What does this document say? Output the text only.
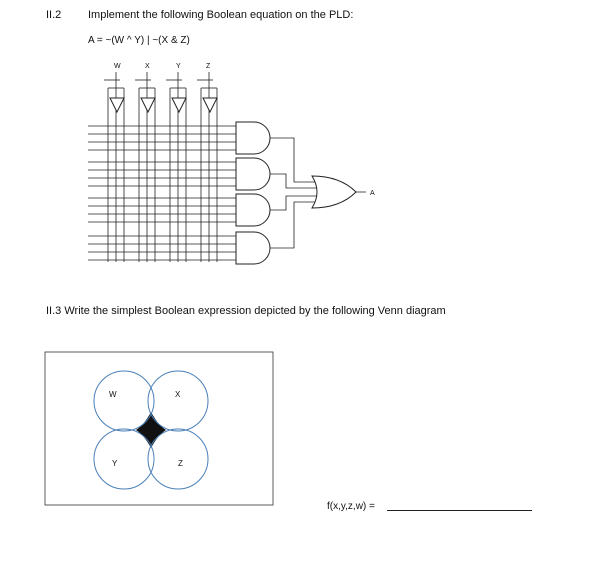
II.2 Implement the following Boolean equation on the PLD:
A = ~(W ^ Y) | ~(X & Z)
W	X	Y	Z
A
W	X
Y	Z
II.3 Write the simplest Boolean expression depicted by the following Venn diagram
f(x,y,z,w) =
